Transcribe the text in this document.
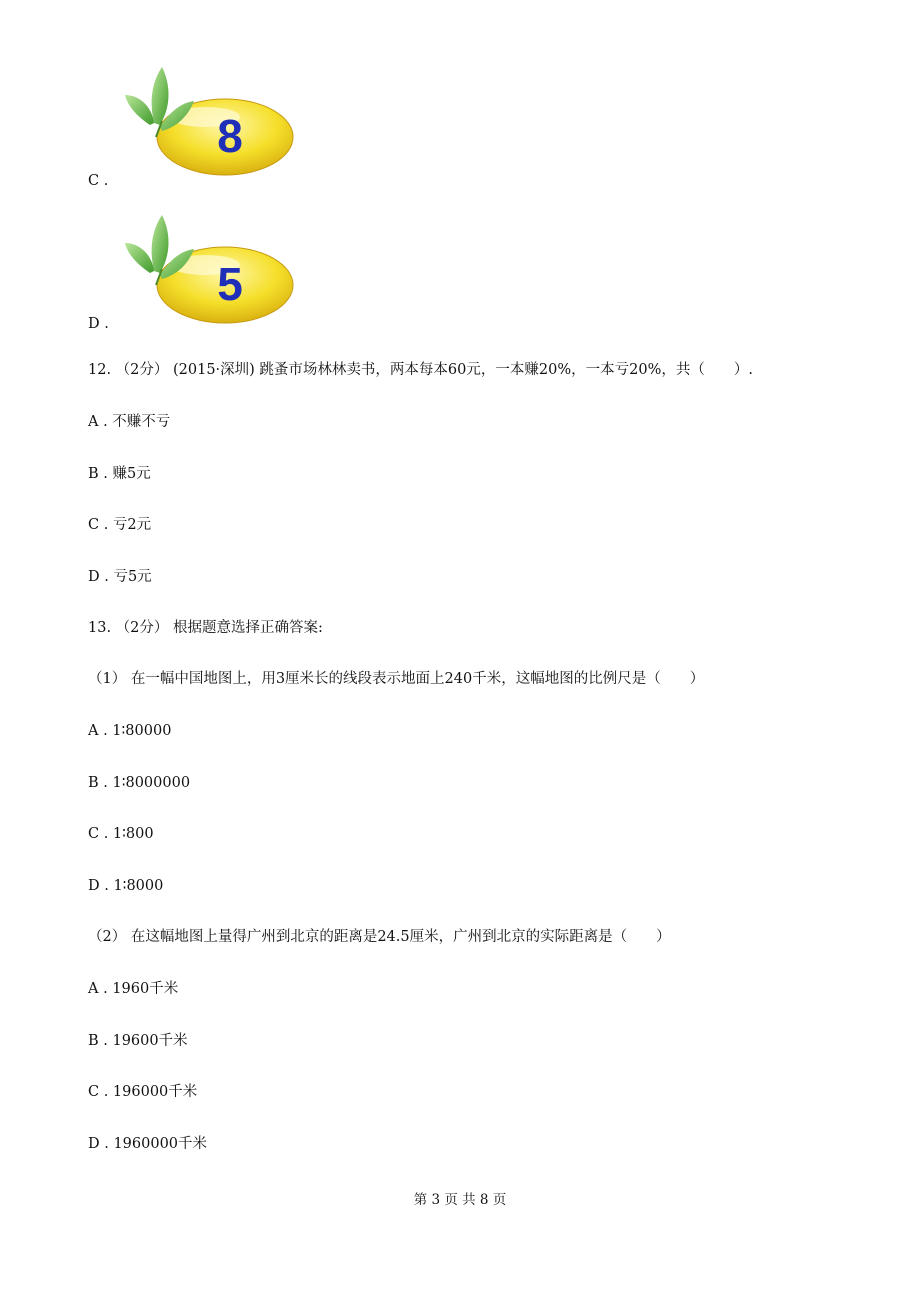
8
C .
5
D .
12. （2分） (2015·深圳) 跳蚤市场林林卖书，两本每本60元，一本赚20%，一本亏20%，共（　　）.
A . 不赚不亏
B . 赚5元
C . 亏2元
D . 亏5元
13. （2分） 根据题意选择正确答案:
（1） 在一幅中国地图上，用3厘米长的线段表示地面上240千米，这幅地图的比例尺是（　　）
A . 1∶80000
B . 1∶8000000
C . 1∶800
D . 1∶8000
（2） 在这幅地图上量得广州到北京的距离是24.5厘米，广州到北京的实际距离是（　　）
A . 1960千米
B . 19600千米
C . 196000千米
D . 1960000千米
第 3 页 共 8 页
